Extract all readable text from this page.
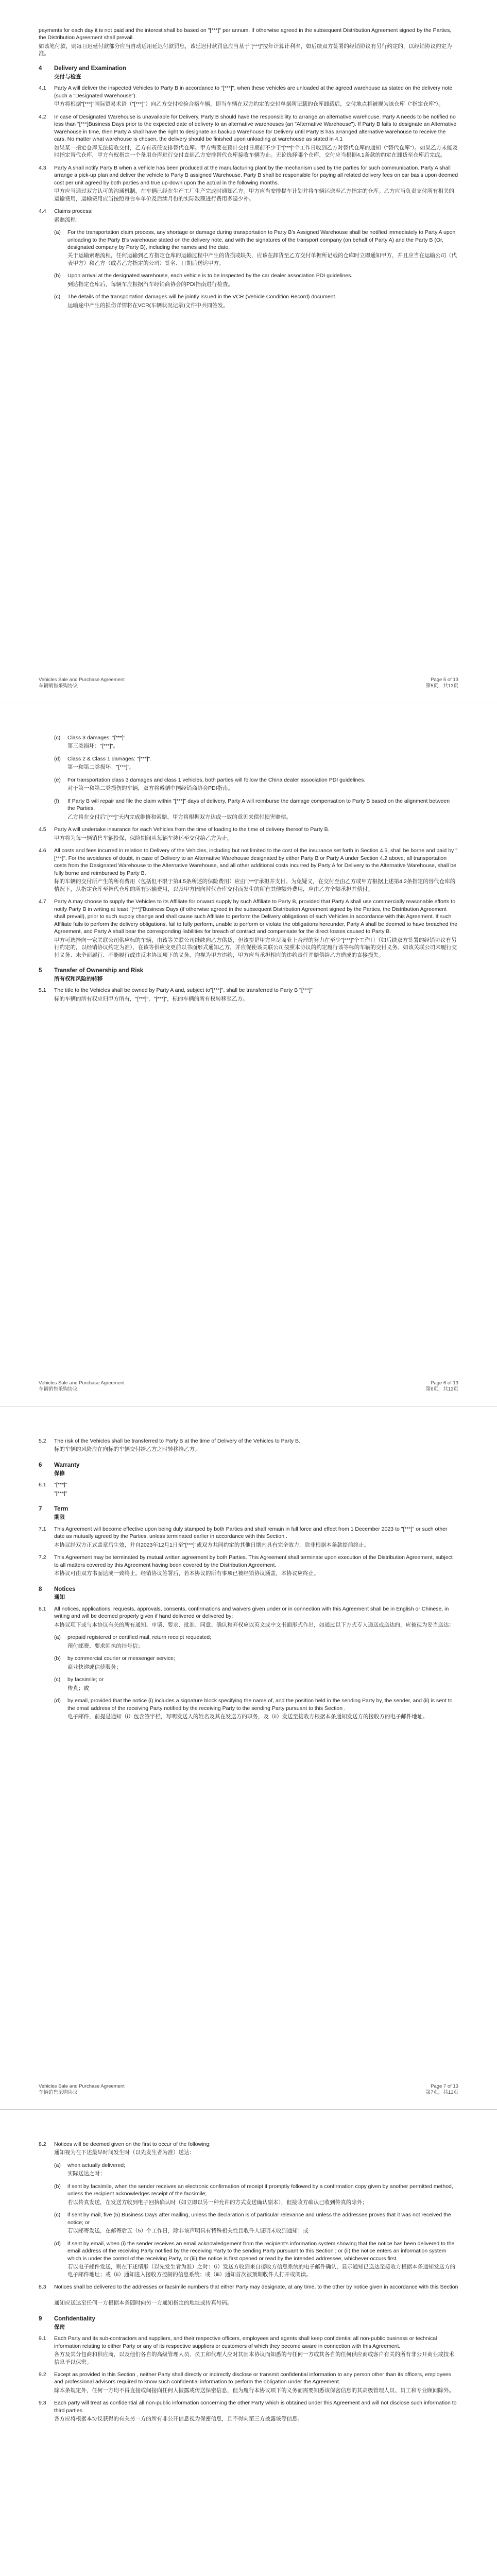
payments for each day it is not paid and the interest shall be based on "[***]" per annum. If otherwise agreed in the subsequent Distribution Agreement signed by the Parties, the Distribution Agreement shall prevail.

如该笔付款，则每日迟延付款部分应当自动适用延迟付款罚息，该延迟付款罚息应当基于"[***]"按年计算计利率，如后续双方签署的经销协议有另行约定的，以经销协议约定为准。

4	Delivery and Examination
交付与检查
4.1	Party A will deliver the inspected Vehicles to Party B in accordance to "[***]", when these vehicles are unloaded at the agreed warehouse as stated on the delivery note (such a "Designated Warehouse").

甲方将根据"[***]"国际贸易术语（"[***]"）向乙方交付检验合格车辆，即当车辆在双方约定的交付单据所记载的仓库卸载后，交付地点将被视为该仓库（"指定仓库"）。

4.2	In case of Designated Warehouse is unavailable for Delivery, Party B should have the responsibility to arrange an alternative warehouse. Party A needs to be notified no less than "[***]Business Days prior to the expected date of delivery to an alternative warehouses (an "Alternative Warehouse"). If Party B fails to designate an Alternative Warehouse in time, then Party A shall have the right to designate an backup Warehouse for Delivery until Party B has arranged alternative warehouse to receive the cars. No matter what warehouse is chosen, the delivery should be finished upon unloading at warehouse as stated in 4.1

如果某一指定仓库无法接收交付，乙方有责任安排替代仓库。甲方需要在预计交付日期前不少于"[***]"个工作日收到乙方对替代仓库的通知（"替代仓库"）。如果乙方未能及时指定替代仓库，甲方有权指定一个备用仓库进行交付直到乙方安排替代仓库接收车辆为止。无论选择哪个仓库，交付应当根据4.1条款的约定在卸货至仓库后完成。

4.3	Party A shall notify Party B when a vehicle has been produced at the manufacturing plant by the mechanism used by the parties for such communication. Party A shall arrange a pick-up plan and deliver the vehicle to Party B assigned Warehouse. Party B shall be responsible for paying all related delivery fees on car basis upon deemed cost per unit agreed by both parties and true up-down upon the actual in the following months.

甲方应当通过双方认可的沟通机制，在车辆已经在生产工厂生产完成时通知乙方。甲方应当安排提车计划并将车辆运送至乙方指定的仓库。乙方应当负责支付所有相关的运输费用，运输费用应当按照每台车单价及后续月份的实际数额进行费用多退少补。

4.4	Claims process:

索赔流程：

(a)	For the transportation claim process, any shortage or damage during transportation to Party B's Assigned Warehouse shall be notified immediately to Party A upon unloading to the Party B's warehouse stated on the delivery note, and with the signatures of the transport company (on behalf of Party A) and the Party B (Or, designated company by Party B), including the names and the date.

关于运输索赔流程，任何运输到乙方指定仓库的运输过程中产生的货损或缺失，应该在卸货至乙方交付单据所记载的仓库时立即通知甲方，并且应当在运输公司（代表甲方）和乙方（或者乙方指定的公司）签名、日期后送达甲方。

(b)	Upon arrival at the designated warehouse, each vehicle is to be inspected by the car dealer association PDI guidelines.

到达指定仓库后，每辆车应根据汽车经销商协会的PDI指南进行检查。

(c)	The details of the transportation damages will be jointly issued in the VCR (Vehicle Condition Record) document.

运输途中产生的损伤详情将在VCR(车辆状况记录)文件中共同签发。

Vehicles Sale and Purchase Agreement
车辆销售采购协议
Page 5 of 13
第5页，共13页
(c)	Class 3 damages: "[***]".

第三类损坏："[***]"。

(d)	Class 2 & Class 1 damages: "[***]".

第一和第二类损坏："[***]"。

(e)	For transportation class 3 damages and class 1 vehicles, both parties will follow the China dealer association PDI guidelines.

对于第一和第二类损伤的车辆，双方将遵循中国经销商协会PDI指南。

(f)	If Party B will repair and file the claim within "[***]" days of delivery, Party A will reimburse the damage compensation to Party B based on the alignment between the Parties.

乙方将在交付后"[***]"天内完成维修和索赔，甲方将根据双方达成一致的意见来偿付损害赔偿。

4.5	Party A will undertake insurance for each Vehicles from the time of loading to the time of delivery thereof to Party B.

甲方将为每一辆销售车辆投保，保险期间从每辆车装运至交付给乙方为止。

4.6	All costs and fees incurred in relation to Delivery of the Vehicles, including but not limited to the cost of the insurance set forth in Section 4.5, shall be borne and paid by "[***]". For the avoidance of doubt, in case of Delivery to an Alternative Warehouse designated by either Party B or Party A under Section 4.2 above, all transportation costs from the Designated Warehouse to the Alternative Warehouse, and all other additional costs incurred by Party A for Delivery to the Alternative Warehouse, shall be fully borne and reimbursed by Party B.

标的车辆的交付所产生的所有费用（包括但不限于第4.5条所述的保险费用）应由"[***]"承担并支付。为免疑义，在交付至由乙方或甲方根据上述第4.2条指定的替代仓库的情况下，从指定仓库至替代仓库的所有运输费用，以及甲方因向替代仓库交付而发生的所有其他额外费用，应由乙方全额承担并偿付。

4.7	Party A may choose to supply the Vehicles to its Affiliate for onward supply by such Affiliate to Party B, provided that Party A shall use commercially reasonable efforts to notify Party B in writing at least "[***]"Business Days (if otherwise agreed in the subsequent Distribution Agreement signed by the Parties, the Distribution Agreement shall prevail), prior to such supply change and shall cause such Affiliate to perform the Delivery obligations of such Vehicles in accordance with this Agreement. If such Affiliate fails to perform the delivery obligations, fail to fully perform, unable to perform or violate the obligations hereunder, Party A shall be deemed to have breached the Agreement, and Party A shall bear the corresponding liabilities for breach of contract and compensate for the direct losses caused to Party B.

甲方可选择向一家关联公司供应标的车辆，由该等关联公司继续向乙方供货，但该提是甲方应尽商业上合理的努力在至少"[***]"个工作日（如后续双方签署的经销协议有另行约定的，以经销协议约定为准），在该等供应变更前以书面形式通知乙方，并应促使该关联公司按照本协议的约定履行该等标的车辆的交付义务。如该关联公司未履行交付义务、未全面履行、不能履行或违反本协议项下的义务，均视为甲方违约，甲方应当承担相应的违约责任并赔偿给乙方造成的直接损失。

5	Transfer of Ownership and Risk
所有权和风险的转移
5.1	The title to the Vehicles shall be owned by Party A and, subject to"[***]", shall be transferred to Party B "[***]"

标的车辆的所有权应归甲方所有，"[***]"，"[***]"，标的车辆的所有权转移至乙方。

Vehicles Sale and Purchase Agreement
车辆销售采购协议
Page 6 of 13
第6页，共13页
5.2	The risk of the Vehicles shall be transferred to Party B at the time of Delivery of the Vehicles to Party B.

标的车辆的风险应在向标的车辆交付给乙方之时转移给乙方。

6	Warranty
保修
6.1	"[***]"

"[***]"

7	Term
期限
7.1	This Agreement will become effective upon being duly stamped by both Parties and shall remain in full force and effect from 1 December 2023 to "[***]" or such other date as mutually agreed by the Parties, unless terminated earlier in accordance with this Section .

本协议经双方正式盖章后生效，并自2023年12月1日至"[***]"或双方共同约定的其他日期内具有完全效力，除非根据本条款提前终止。

7.2	This Agreement may be terminated by mutual written agreement by both Parties. This Agreement shall terminate upon execution of the Distribution Agreement, subject to all matters covered by this Agreement having been covered by the Distribution Agreement.

本协议可由双方书面达成一致终止。经销协议签署后，若本协议的所有事项已被经销协议涵盖，本协议应终止。

8	Notices
通知
8.1	All notices, applications, requests, approvals, consents, confirmations and waivers given under or in connection with this Agreement shall be in English or Chinese, in writing and will be deemed properly given if hand delivered or delivered by:

本协议项下或与本协议有关的所有通知、申请、要求、批准、同意、确认和弃权应以英文或中文书面形式作出，如通过以下方式专人递送或送达的，应被视为妥当送达：

(a)	prepaid registered or certified mail, return receipt requested;

预付邮费、要求回执的挂号信；

(b)	by commercial courier or messenger service;

商业快递或信使服务；

(c)	by facsimile; or

传真；或

(d)	by email, provided that the notice (i) includes a signature block specifying the name of, and the position held in the sending Party by, the sender, and (ii) is sent to the email address of the receiving Party notified by the receiving Party to the sending Party pursuant to this Section .

电子邮件，前提是通知（i）包含签字栏，写明发送人的姓名及其在发送方的职务，及（ii）发送至接收方根据本条通知发送方的接收方的电子邮件地址。

Vehicles Sale and Purchase Agreement
车辆销售采购协议
Page 7 of 13
第7页，共13页
8.2	Notices will be deemed given on the first to occur of the following:

通知视为在下述最早时间发生时（以先发生者为准）送达：

(a)	when actually delivered;

实际送达之时；

(b)	if sent by facsimile, when the sender receives an electronic confirmation of receipt if promptly followed by a confirmation copy given by another permitted method, unless the recipient acknowledges receipt of the facsimile;

若以传真发送，在发送方收到电子回执确认时（如立即以另一种允许的方式发送确认副本），但接收方确认已收到传真的除外；

(c)	if sent by mail, five (5) Business Days after mailing, unless the declaration is of particular relevance and unless the addressee proves that it was not received the notice; or

若以邮寄发送，在邮寄后五（5）个工作日，除非该声明具有特殊相关性且收件人证明未收到通知；或

(d)	if sent by email, when (i) the sender receives an email acknowledgement from the recipient's information system showing that the notice has been delivered to the email address of the receiving Party notified by the receiving Party to the sending Party pursuant to this Section ; or (ii) the notice enters an information system which is under the control of the receiving Party, or (iii) the notice is first opened or read by the intended addressee, whichever occurs first.

若以电子邮件发送，则在下述情形（以先发生者为准）之时：（i）发送方收到来自接收方信息系统的电子邮件确认，显示通知已送达至接收方根据本条通知发送方的电子邮件地址；或（ii）通知进入接收方控制的信息系统；或（iii）通知首次被预期收件人打开或阅读。

8.3	Notices shall be delivered to the addresses or facsimile numbers that either Party may designate, at any time, to the other by notice given in accordance with this Section .

通知应送达至任何一方根据本条随时向另一方通知指定的地址或传真号码。

9	Confidentiality
保密
9.1	Each Party and its sub-contractors and suppliers, and their respective officers, employees and agents shall keep confidential all non-public business or technical information relating to either Party or any of its respective suppliers or customers of which they become aware in connection with this Agreement.

各方及其分包商和供应商，以及他们各自的高级管理人员、员工和代理人应对其因本协议而知悉的与任何一方或其各自的任何供应商或客户有关的所有非公开商业或技术信息予以保密。

9.2	Except as provided in this Section , neither Party shall directly or indirectly disclose or transmit confidential information to any person other than its officers, employees and professional advisors required to know such confidential information to perform the obligation under the Agreement.

除本条规定外，任何一方均不得直接或间接向任何人披露或传送保密信息，但为履行本协议项下的义务而需要知悉该保密信息的其高级管理人员、员工和专业顾问除外。

9.3	Each party will treat as confidential all non-public information concerning the other Party which is obtained under this Agreement and will not disclose such information to third parties.

各方应将根据本协议获得的有关另一方的所有非公开信息视为保密信息，且不得向第三方披露该等信息。
